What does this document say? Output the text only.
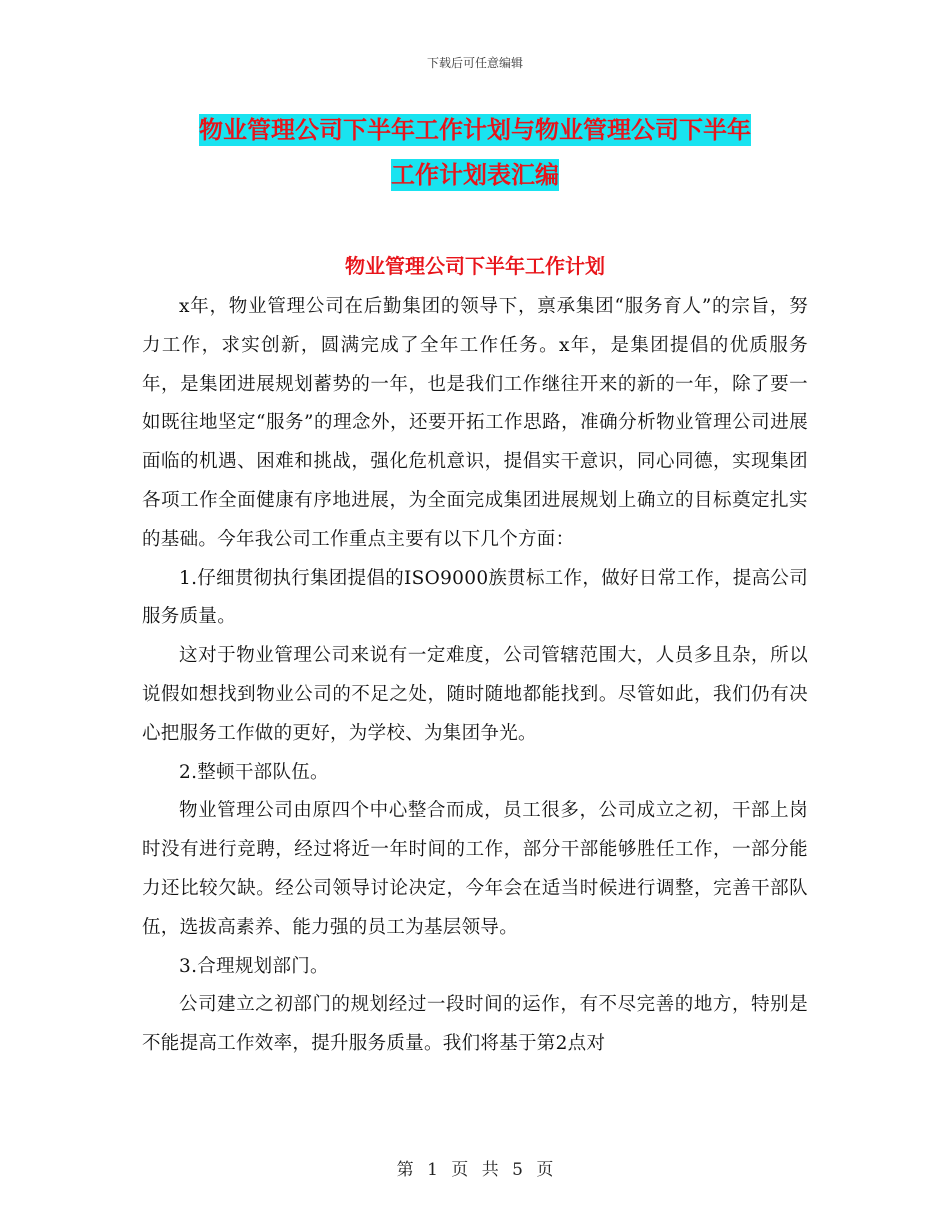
下载后可任意编辑
物业管理公司下半年工作计划与物业管理公司下半年
工作计划表汇编
物业管理公司下半年工作计划

x年，物业管理公司在后勤集团的领导下，禀承集团“服务育人”的宗旨，努力工作，求实创新，圆满完成了全年工作任务。x年，是集团提倡的优质服务年，是集团进展规划蓄势的一年，也是我们工作继往开来的新的一年，除了要一如既往地坚定“服务”的理念外，还要开拓工作思路，准确分析物业管理公司进展面临的机遇、困难和挑战，强化危机意识，提倡实干意识，同心同德，实现集团各项工作全面健康有序地进展，为全面完成集团进展规划上确立的目标奠定扎实的基础。今年我公司工作重点主要有以下几个方面：

1.仔细贯彻执行集团提倡的ISO9000族贯标工作，做好日常工作，提高公司服务质量。

这对于物业管理公司来说有一定难度，公司管辖范围大，人员多且杂，所以说假如想找到物业公司的不足之处，随时随地都能找到。尽管如此，我们仍有决心把服务工作做的更好，为学校、为集团争光。

2.整顿干部队伍。

物业管理公司由原四个中心整合而成，员工很多，公司成立之初，干部上岗时没有进行竞聘，经过将近一年时间的工作，部分干部能够胜任工作，一部分能力还比较欠缺。经公司领导讨论决定，今年会在适当时候进行调整，完善干部队伍，选拔高素养、能力强的员工为基层领导。

3.合理规划部门。

公司建立之初部门的规划经过一段时间的运作，有不尽完善的地方，特别是不能提高工作效率，提升服务质量。我们将基于第2点对

第 1 页 共 5 页
